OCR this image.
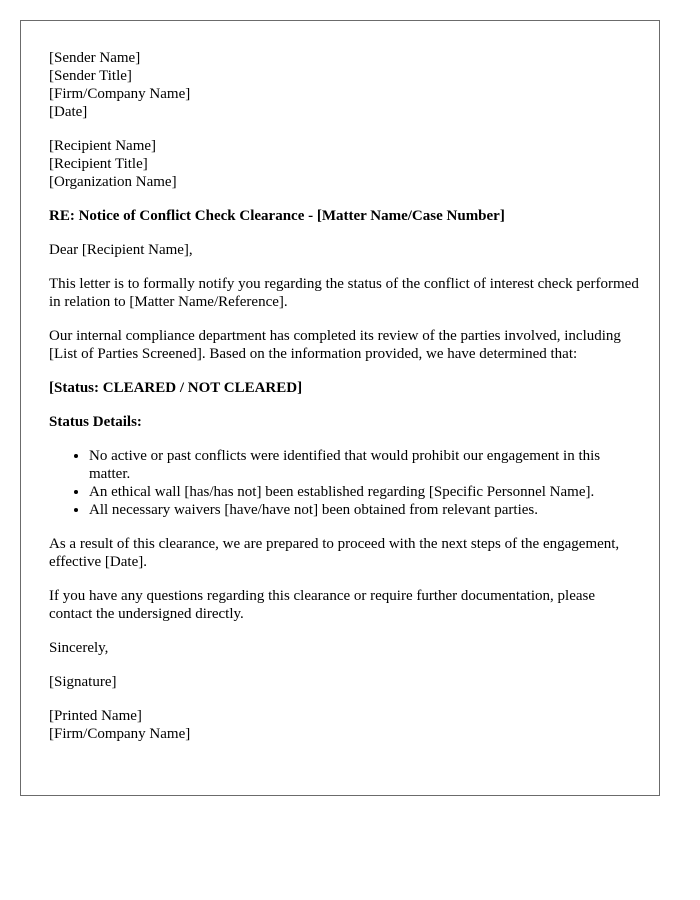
[Sender Name]
[Sender Title]
[Firm/Company Name]
[Date]
[Recipient Name]
[Recipient Title]
[Organization Name]

RE: Notice of Conflict Check Clearance - [Matter Name/Case Number]

Dear [Recipient Name],

This letter is to formally notify you regarding the status of the conflict of interest check performed in relation to [Matter Name/Reference].

Our internal compliance department has completed its review of the parties involved, including [List of Parties Screened]. Based on the information provided, we have determined that:

[Status: CLEARED / NOT CLEARED]

Status Details:

• No active or past conflicts were identified that would prohibit our engagement in this matter.
• An ethical wall [has/has not] been established regarding [Specific Personnel Name].
• All necessary waivers [have/have not] been obtained from relevant parties.

As a result of this clearance, we are prepared to proceed with the next steps of the engagement, effective [Date].

If you have any questions regarding this clearance or require further documentation, please contact the undersigned directly.

Sincerely,

[Signature]

[Printed Name]
[Firm/Company Name]
